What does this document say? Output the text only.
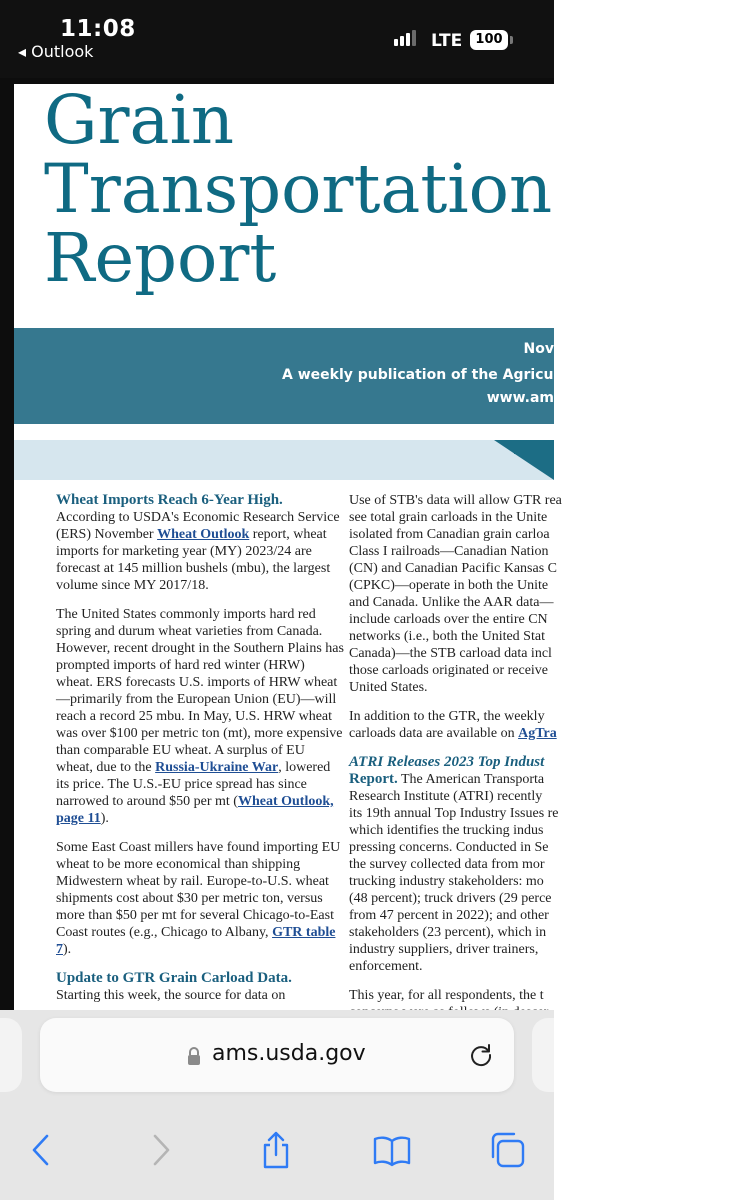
11:08
◂ Outlook
LTE	100
Grain
Transportation
Report
Nov
A weekly publication of the Agricultural M
www.am

Wheat Imports Reach 6-Year High. According to USDA's Economic Research Service (ERS) November Wheat Outlook report, wheat imports for marketing year (MY) 2023/24 are forecast at 145 million bushels (mbu), the largest volume since MY 2017/18.

The United States commonly imports hard red spring and durum wheat varieties from Canada. However, recent drought in the Southern Plains has prompted imports of hard red winter (HRW) wheat. ERS forecasts U.S. imports of HRW wheat—primarily from the European Union (EU)—will reach a record 25 mbu. In May, U.S. HRW wheat was over $100 per metric ton (mt), more expensive than comparable EU wheat. A surplus of EU wheat, due to the Russia-Ukraine War, lowered its price. The U.S.-EU price spread has since narrowed to around $50 per mt (Wheat Outlook, page 11).

Some East Coast millers have found importing EU wheat to be more economical than shipping Midwestern wheat by rail. Europe-to-U.S. wheat shipments cost about $30 per metric ton, versus more than $50 per mt for several Chicago-to-East Coast routes (e.g., Chicago to Albany, GTR table 7).

Update to GTR Grain Carload Data.
Starting this week, the source for data on

Use of STB's data will allow GTR rea
see total grain carloads in the Unite
isolated from Canadian grain carloa
Class I railroads—Canadian Nation
(CN) and Canadian Pacific Kansas C
(CPKC)—operate in both the Unite
and Canada. Unlike the AAR data—
include carloads over the entire CN
networks (i.e., both the United Stat
Canada)—the STB carload data incl
those carloads originated or receive
United States.
In addition to the GTR, the weekly
carloads data are available on AgTra
ATRI Releases 2023 Top Indust
Report. The American Transporta
Research Institute (ATRI) recently
its 19th annual Top Industry Issues re
which identifies the trucking indus
pressing concerns. Conducted in Se
the survey collected data from mor
trucking industry stakeholders: mo
(48 percent); truck drivers (29 perce
from 47 percent in 2022); and other
stakeholders (23 percent), which in
industry suppliers, driver trainers,
enforcement.
This year, for all respondents, the t
ams.usda.gov
